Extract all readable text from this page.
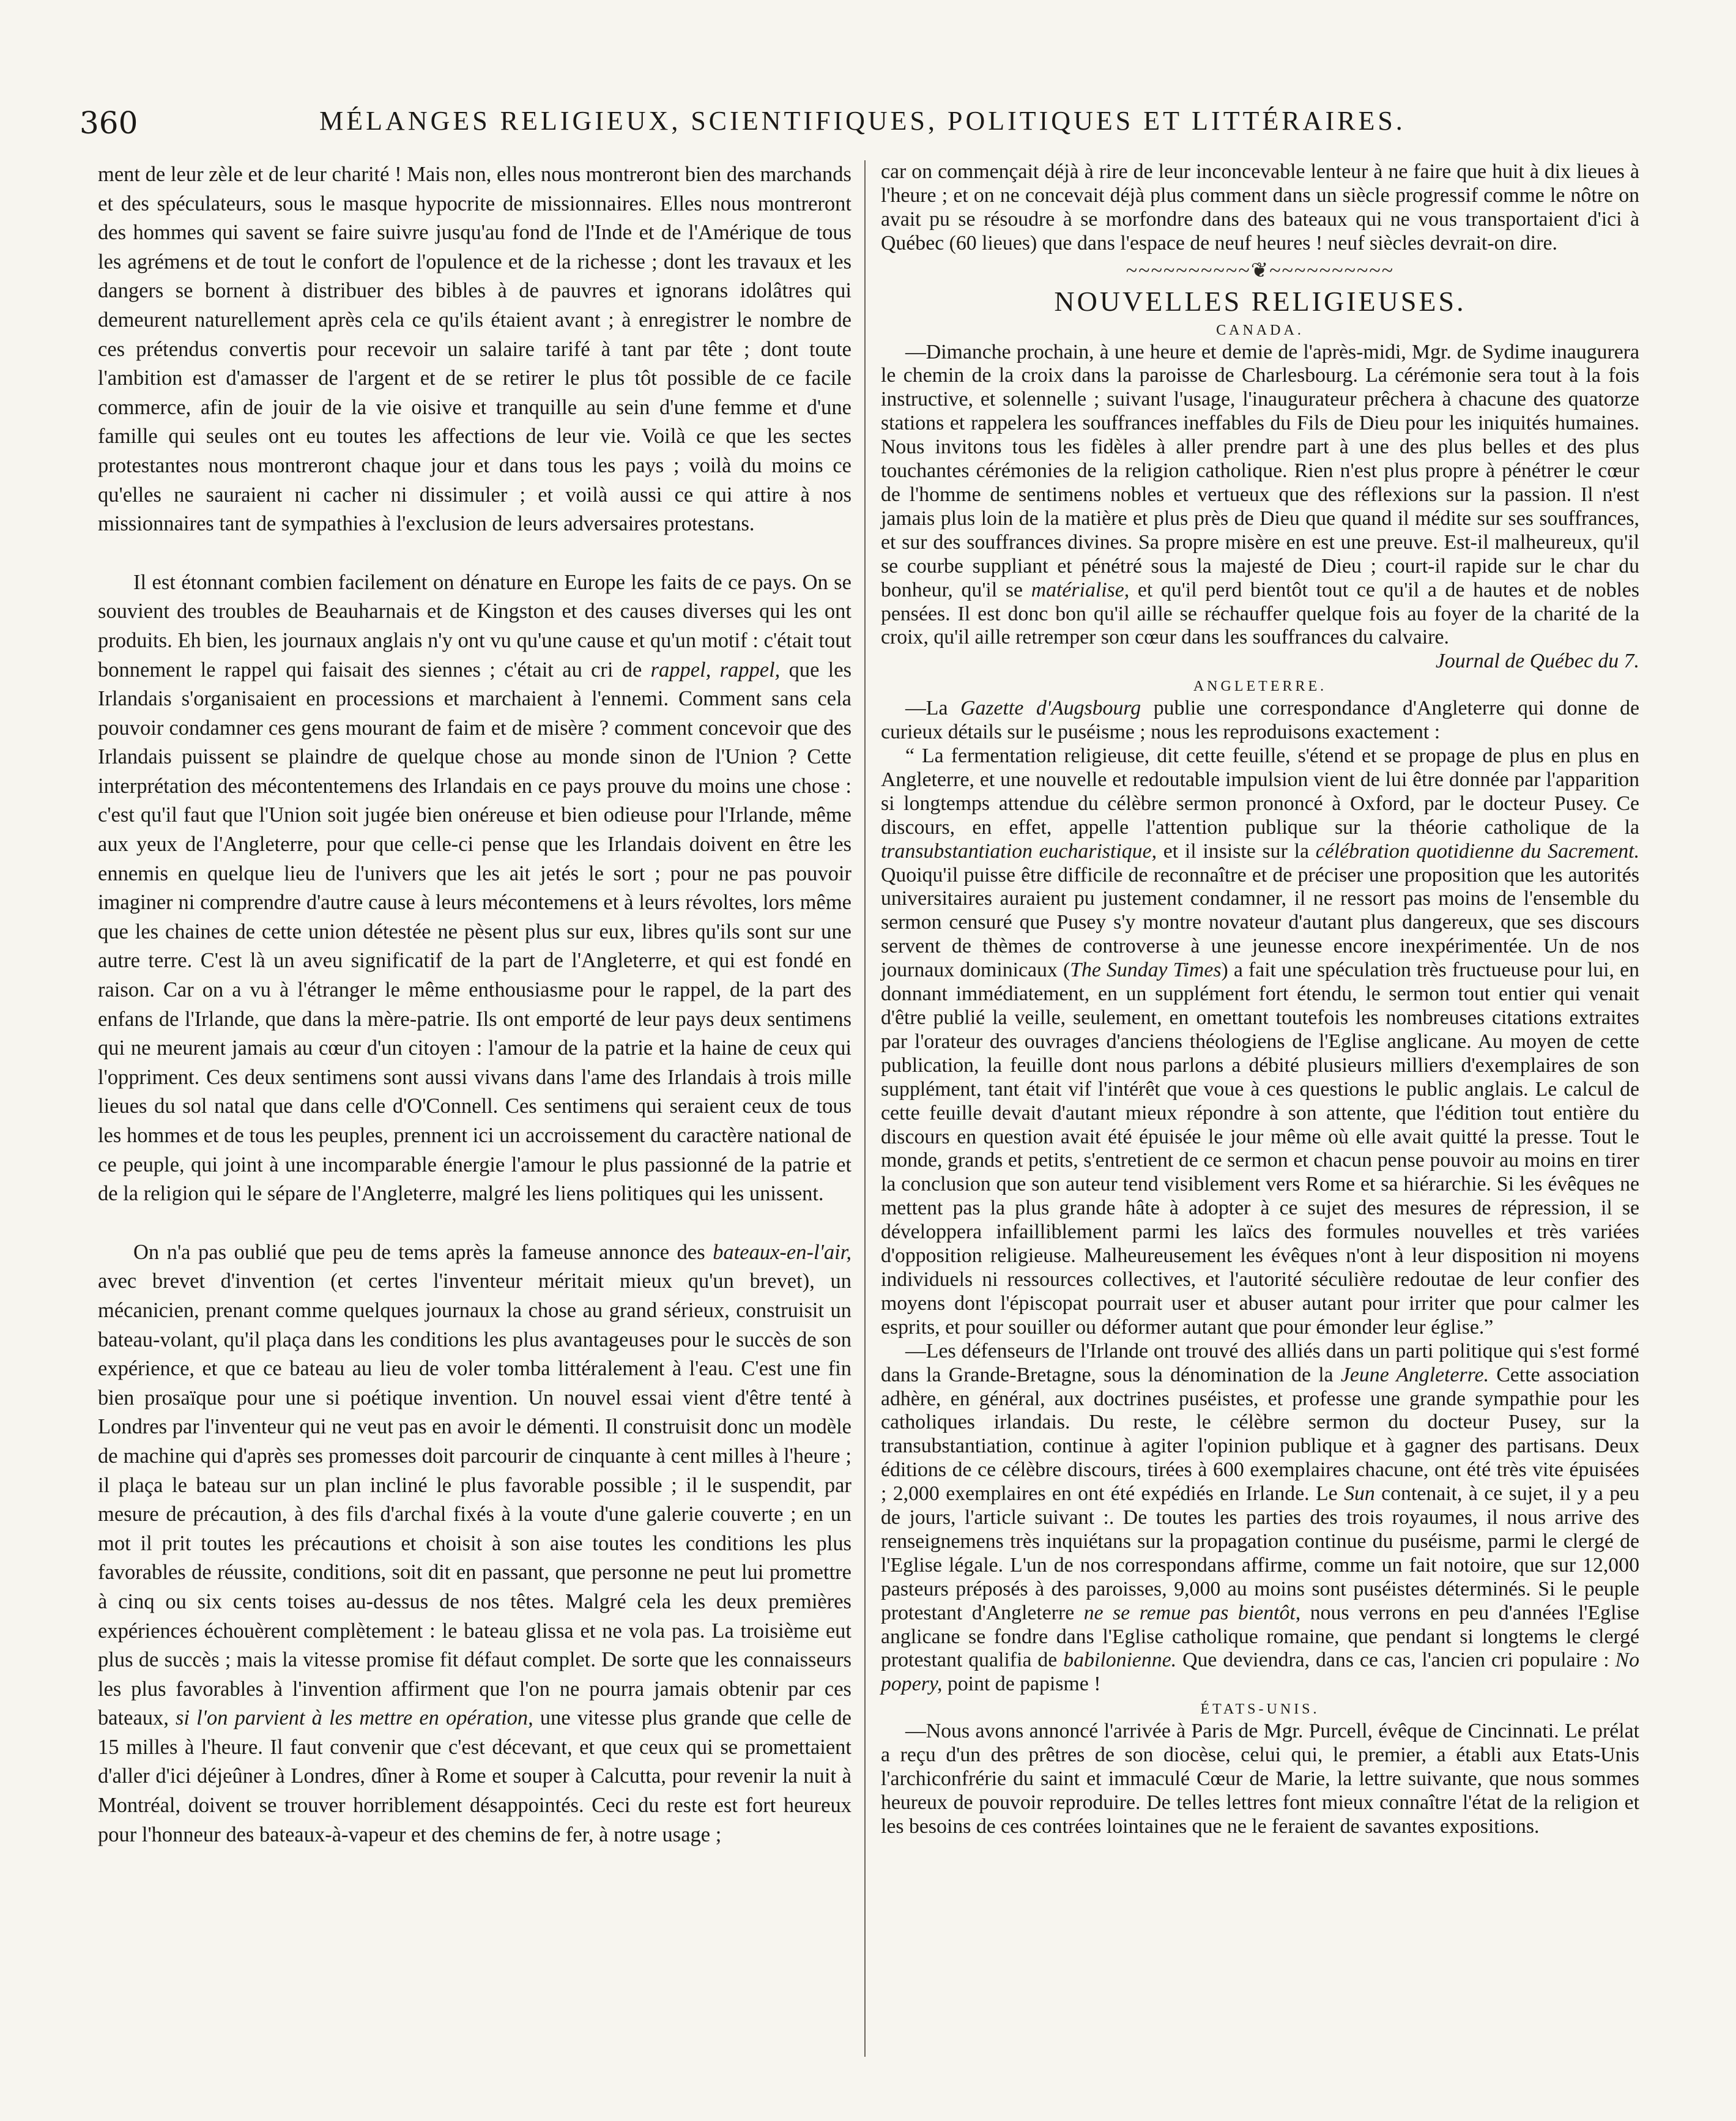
360	MÉLANGES RELIGIEUX, SCIENTIFIQUES, POLITIQUES ET LITTÉRAIRES.

ment de leur zèle et de leur charité ! Mais non, elles nous montreront bien des marchands et des spéculateurs, sous le masque hypocrite de missionnaires. Elles nous montreront des hommes qui savent se faire suivre jusqu'au fond de l'Inde et de l'Amérique de tous les agrémens et de tout le confort de l'opulence et de la richesse ; dont les travaux et les dangers se bornent à distribuer des bibles à de pauvres et ignorans idolâtres qui demeurent naturellement après cela ce qu'ils étaient avant ; à enregistrer le nombre de ces prétendus convertis pour recevoir un salaire tarifé à tant par tête ; dont toute l'ambition est d'amasser de l'argent et de se retirer le plus tôt possible de ce facile commerce, afin de jouir de la vie oisive et tranquille au sein d'une femme et d'une famille qui seules ont eu toutes les affections de leur vie. Voilà ce que les sectes protestantes nous montreront chaque jour et dans tous les pays ; voilà du moins ce qu'elles ne sauraient ni cacher ni dissimuler ; et voilà aussi ce qui attire à nos missionnaires tant de sympathies à l'exclusion de leurs adversaires protestans.

Il est étonnant combien facilement on dénature en Europe les faits de ce pays. On se souvient des troubles de Beauharnais et de Kingston et des causes diverses qui les ont produits. Eh bien, les journaux anglais n'y ont vu qu'une cause et qu'un motif : c'était tout bonnement le rappel qui faisait des siennes ; c'était au cri de rappel, rappel, que les Irlandais s'organisaient en processions et marchaient à l'ennemi. Comment sans cela pouvoir condamner ces gens mourant de faim et de misère ? comment concevoir que des Irlandais puissent se plaindre de quelque chose au monde sinon de l'Union ? Cette interprétation des mécontentemens des Irlandais en ce pays prouve du moins une chose : c'est qu'il faut que l'Union soit jugée bien onéreuse et bien odieuse pour l'Irlande, même aux yeux de l'Angleterre, pour que celle-ci pense que les Irlandais doivent en être les ennemis en quelque lieu de l'univers que les ait jetés le sort ; pour ne pas pouvoir imaginer ni comprendre d'autre cause à leurs mécontemens et à leurs révoltes, lors même que les chaines de cette union détestée ne pèsent plus sur eux, libres qu'ils sont sur une autre terre. C'est là un aveu significatif de la part de l'Angleterre, et qui est fondé en raison. Car on a vu à l'étranger le même enthousiasme pour le rappel, de la part des enfans de l'Irlande, que dans la mère-patrie. Ils ont emporté de leur pays deux sentimens qui ne meurent jamais au cœur d'un citoyen : l'amour de la patrie et la haine de ceux qui l'oppriment. Ces deux sentimens sont aussi vivans dans l'ame des Irlandais à trois mille lieues du sol natal que dans celle d'O'Connell. Ces sentimens qui seraient ceux de tous les hommes et de tous les peuples, prennent ici un accroissement du caractère national de ce peuple, qui joint à une incomparable énergie l'amour le plus passionné de la patrie et de la religion qui le sépare de l'Angleterre, malgré les liens politiques qui les unissent.

On n'a pas oublié que peu de tems après la fameuse annonce des bateaux-en-l'air, avec brevet d'invention (et certes l'inventeur méritait mieux qu'un brevet), un mécanicien, prenant comme quelques journaux la chose au grand sérieux, construisit un bateau-volant, qu'il plaça dans les conditions les plus avantageuses pour le succès de son expérience, et que ce bateau au lieu de voler tomba littéralement à l'eau. C'est une fin bien prosaïque pour une si poétique invention. Un nouvel essai vient d'être tenté à Londres par l'inventeur qui ne veut pas en avoir le démenti. Il construisit donc un modèle de machine qui d'après ses promesses doit parcourir de cinquante à cent milles à l'heure ; il plaça le bateau sur un plan incliné le plus favorable possible ; il le suspendit, par mesure de précaution, à des fils d'archal fixés à la voute d'une galerie couverte ; en un mot il prit toutes les précautions et choisit à son aise toutes les conditions les plus favorables de réussite, conditions, soit dit en passant, que personne ne peut lui promettre à cinq ou six cents toises au-dessus de nos têtes. Malgré cela les deux premières expériences échouèrent complètement : le bateau glissa et ne vola pas. La troisième eut plus de succès ; mais la vitesse promise fit défaut complet. De sorte que les connaisseurs les plus favorables à l'invention affirment que l'on ne pourra jamais obtenir par ces bateaux, si l'on parvient à les mettre en opération, une vitesse plus grande que celle de 15 milles à l'heure. Il faut convenir que c'est décevant, et que ceux qui se promettaient d'aller d'ici déjeûner à Londres, dîner à Rome et souper à Calcutta, pour revenir la nuit à Montréal, doivent se trouver horriblement désappointés. Ceci du reste est fort heureux pour l'honneur des bateaux-à-vapeur et des chemins de fer, à notre usage ;

car on commençait déjà à rire de leur inconcevable lenteur à ne faire que huit à dix lieues à l'heure ; et on ne concevait déjà plus comment dans un siècle progressif comme le nôtre on avait pu se résoudre à se morfondre dans des bateaux qui ne vous transportaient d'ici à Québec (60 lieues) que dans l'espace de neuf heures ! neuf siècles devrait-on dire.

~~~~~~~~~~❦~~~~~~~~~~
NOUVELLES RELIGIEUSES.
CANADA.

—Dimanche prochain, à une heure et demie de l'après-midi, Mgr. de Sydime inaugurera le chemin de la croix dans la paroisse de Charlesbourg. La cérémonie sera tout à la fois instructive, et solennelle ; suivant l'usage, l'inaugurateur prêchera à chacune des quatorze stations et rappelera les souffrances ineffables du Fils de Dieu pour les iniquités humaines. Nous invitons tous les fidèles à aller prendre part à une des plus belles et des plus touchantes cérémonies de la religion catholique. Rien n'est plus propre à pénétrer le cœur de l'homme de sentimens nobles et vertueux que des réflexions sur la passion. Il n'est jamais plus loin de la matière et plus près de Dieu que quand il médite sur ses souffrances, et sur des souffrances divines. Sa propre misère en est une preuve. Est-il malheureux, qu'il se courbe suppliant et pénétré sous la majesté de Dieu ; court-il rapide sur le char du bonheur, qu'il se matérialise, et qu'il perd bientôt tout ce qu'il a de hautes et de nobles pensées. Il est donc bon qu'il aille se réchauffer quelque fois au foyer de la charité de la croix, qu'il aille retremper son cœur dans les souffrances du calvaire.

Journal de Québec du 7.
ANGLETERRE.

—La Gazette d'Augsbourg publie une correspondance d'Angleterre qui donne de curieux détails sur le puséisme ; nous les reproduisons exactement :

“ La fermentation religieuse, dit cette feuille, s'étend et se propage de plus en plus en Angleterre, et une nouvelle et redoutable impulsion vient de lui être donnée par l'apparition si longtemps attendue du célèbre sermon prononcé à Oxford, par le docteur Pusey. Ce discours, en effet, appelle l'attention publique sur la théorie catholique de la transubstantiation eucharistique, et il insiste sur la célébration quotidienne du Sacrement. Quoiqu'il puisse être difficile de reconnaître et de préciser une proposition que les autorités universitaires auraient pu justement condamner, il ne ressort pas moins de l'ensemble du sermon censuré que Pusey s'y montre novateur d'autant plus dangereux, que ses discours servent de thèmes de controverse à une jeunesse encore inexpérimentée. Un de nos journaux dominicaux (The Sunday Times) a fait une spéculation très fructueuse pour lui, en donnant immédiatement, en un supplément fort étendu, le sermon tout entier qui venait d'être publié la veille, seulement, en omettant toutefois les nombreuses citations extraites par l'orateur des ouvrages d'anciens théologiens de l'Eglise anglicane. Au moyen de cette publication, la feuille dont nous parlons a débité plusieurs milliers d'exemplaires de son supplément, tant était vif l'intérêt que voue à ces questions le public anglais. Le calcul de cette feuille devait d'autant mieux répondre à son attente, que l'édition tout entière du discours en question avait été épuisée le jour même où elle avait quitté la presse. Tout le monde, grands et petits, s'entretient de ce sermon et chacun pense pouvoir au moins en tirer la conclusion que son auteur tend visiblement vers Rome et sa hiérarchie. Si les évêques ne mettent pas la plus grande hâte à adopter à ce sujet des mesures de répression, il se développera infailliblement parmi les laïcs des formules nouvelles et très variées d'opposition religieuse. Malheureusement les évêques n'ont à leur disposition ni moyens individuels ni ressources collectives, et l'autorité séculière redoutae de leur confier des moyens dont l'épiscopat pourrait user et abuser autant pour irriter que pour calmer les esprits, et pour souiller ou déformer autant que pour émonder leur église.”

—Les défenseurs de l'Irlande ont trouvé des alliés dans un parti politique qui s'est formé dans la Grande-Bretagne, sous la dénomination de la Jeune Angleterre. Cette association adhère, en général, aux doctrines puséistes, et professe une grande sympathie pour les catholiques irlandais. Du reste, le célèbre sermon du docteur Pusey, sur la transubstantiation, continue à agiter l'opinion publique et à gagner des partisans. Deux éditions de ce célèbre discours, tirées à 600 exemplaires chacune, ont été très vite épuisées ; 2,000 exemplaires en ont été expédiés en Irlande. Le Sun contenait, à ce sujet, il y a peu de jours, l'article suivant :. De toutes les parties des trois royaumes, il nous arrive des renseignemens très inquiétans sur la propagation continue du puséisme, parmi le clergé de l'Eglise légale. L'un de nos correspondans affirme, comme un fait notoire, que sur 12,000 pasteurs préposés à des paroisses, 9,000 au moins sont puséistes déterminés. Si le peuple protestant d'Angleterre ne se remue pas bientôt, nous verrons en peu d'années l'Eglise anglicane se fondre dans l'Eglise catholique romaine, que pendant si longtems le clergé protestant qualifia de babilonienne. Que deviendra, dans ce cas, l'ancien cri populaire : No popery, point de papisme !

ÉTATS-UNIS.

—Nous avons annoncé l'arrivée à Paris de Mgr. Purcell, évêque de Cincinnati. Le prélat a reçu d'un des prêtres de son diocèse, celui qui, le premier, a établi aux Etats-Unis l'archiconfrérie du saint et immaculé Cœur de Marie, la lettre suivante, que nous sommes heureux de pouvoir reproduire. De telles lettres font mieux connaître l'état de la religion et les besoins de ces contrées lointaines que ne le feraient de savantes expositions.
